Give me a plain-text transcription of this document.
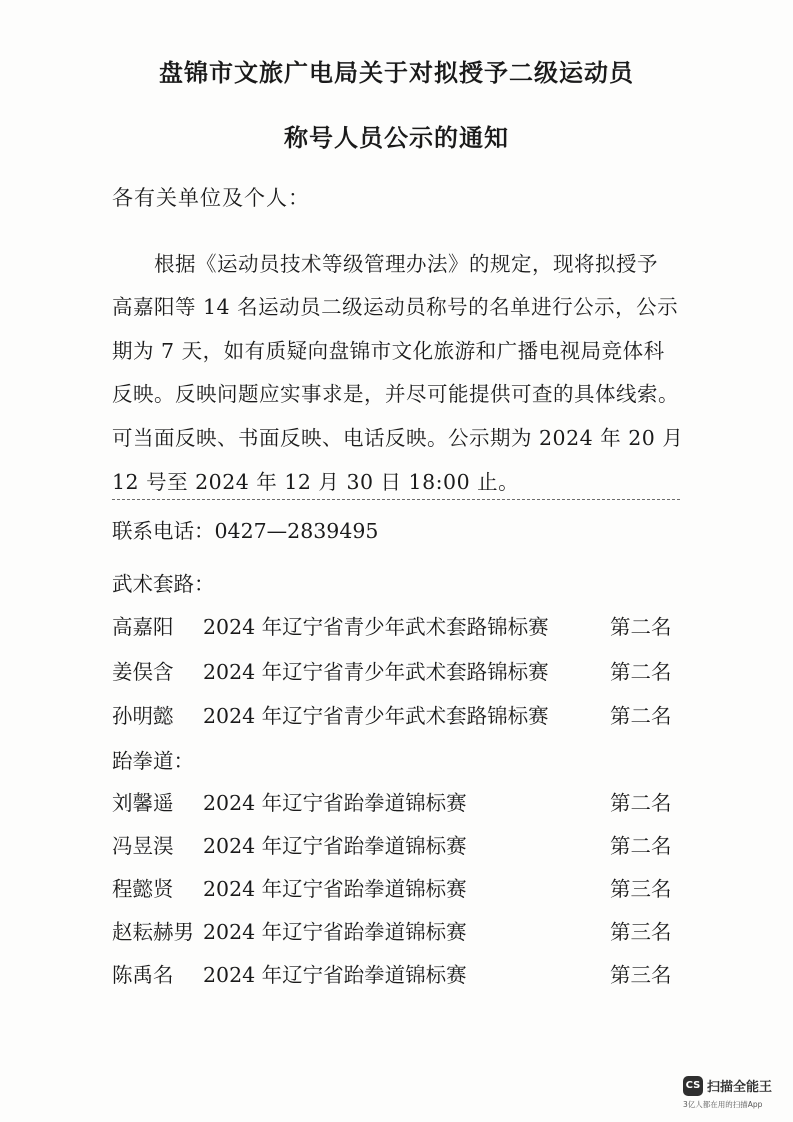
盘锦市文旅广电局关于对拟授予二级运动员
称号人员公示的通知
各有关单位及个人：
　　根据《运动员技术等级管理办法》的规定，现将拟授予
高嘉阳等 14 名运动员二级运动员称号的名单进行公示，公示
期为 7 天，如有质疑向盘锦市文化旅游和广播电视局竞体科
反映。反映问题应实事求是，并尽可能提供可查的具体线索。
可当面反映、书面反映、电话反映。公示期为 2024 年 20 月
12 号至 2024 年 12 月 30 日 18:00 止。
联系电话：0427—2839495
武术套路：
高嘉阳 2024 年辽宁省青少年武术套路锦标赛	第二名
姜俣含 2024 年辽宁省青少年武术套路锦标赛	第二名
孙明懿 2024 年辽宁省青少年武术套路锦标赛	第二名
跆拳道：
刘馨遥 2024 年辽宁省跆拳道锦标赛	第二名
冯昱淏 2024 年辽宁省跆拳道锦标赛	第二名
程懿贤 2024 年辽宁省跆拳道锦标赛	第三名
赵耘赫男 2024 年辽宁省跆拳道锦标赛	第三名
陈禹名 2024 年辽宁省跆拳道锦标赛	第三名
CS 扫描全能王
3亿人都在用的扫描App
